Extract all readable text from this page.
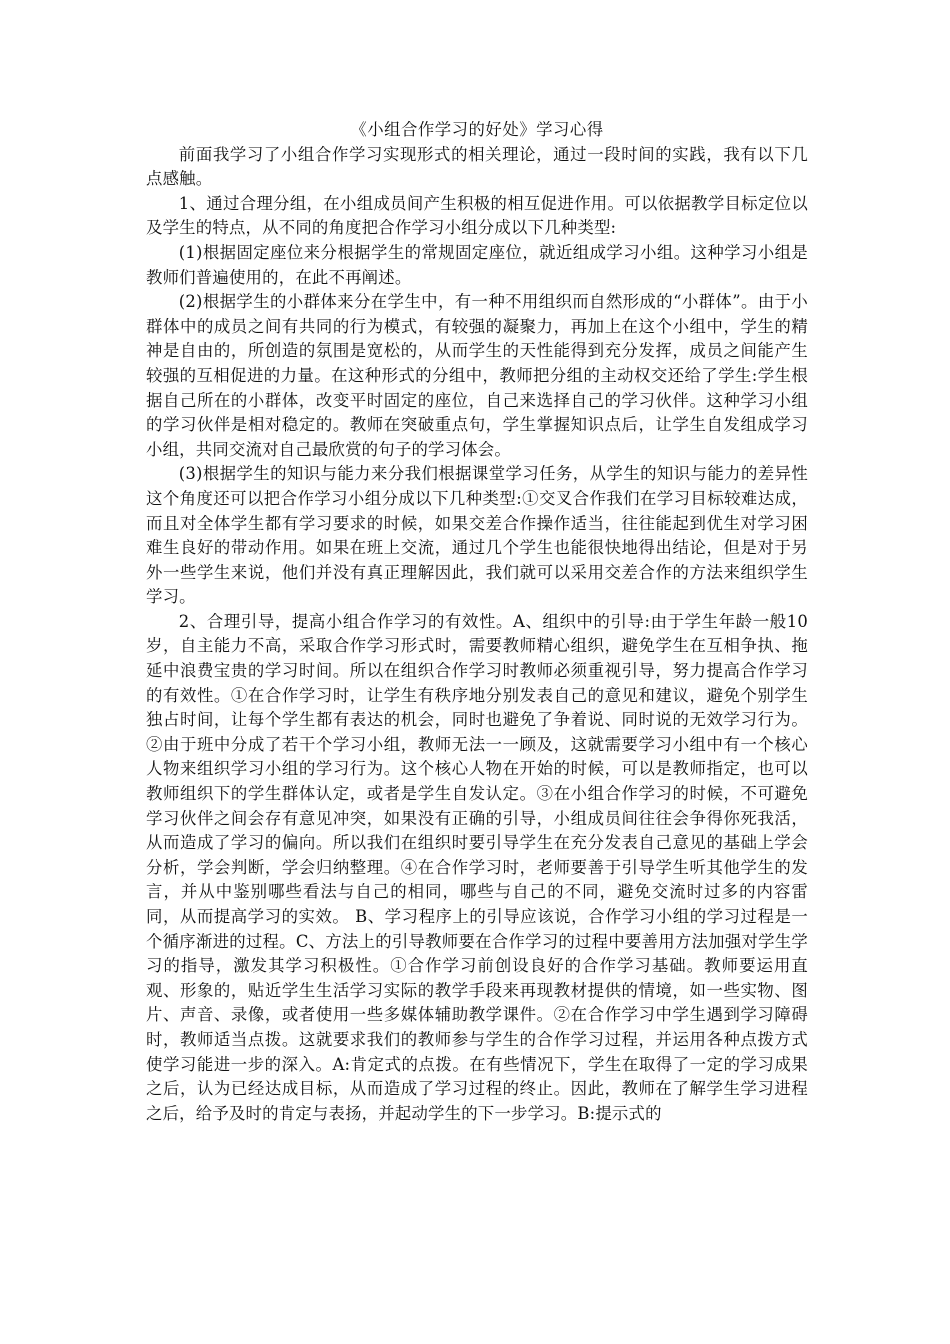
《小组合作学习的好处》学习心得

前面我学习了小组合作学习实现形式的相关理论，通过一段时间的实践，我有以下几点感触。

1、通过合理分组，在小组成员间产生积极的相互促进作用。可以依据教学目标定位以及学生的特点，从不同的角度把合作学习小组分成以下几种类型:

(1)根据固定座位来分根据学生的常规固定座位，就近组成学习小组。这种学习小组是教师们普遍使用的，在此不再阐述。

(2)根据学生的小群体来分在学生中，有一种不用组织而自然形成的“小群体”。由于小群体中的成员之间有共同的行为模式，有较强的凝聚力，再加上在这个小组中，学生的精神是自由的，所创造的氛围是宽松的，从而学生的天性能得到充分发挥，成员之间能产生较强的互相促进的力量。在这种形式的分组中，教师把分组的主动权交还给了学生:学生根据自己所在的小群体，改变平时固定的座位，自己来选择自己的学习伙伴。这种学习小组的学习伙伴是相对稳定的。教师在突破重点句，学生掌握知识点后，让学生自发组成学习小组，共同交流对自己最欣赏的句子的学习体会。

(3)根据学生的知识与能力来分我们根据课堂学习任务，从学生的知识与能力的差异性这个角度还可以把合作学习小组分成以下几种类型:①交叉合作我们在学习目标较难达成，而且对全体学生都有学习要求的时候，如果交差合作操作适当，往往能起到优生对学习困难生良好的带动作用。如果在班上交流，通过几个学生也能很快地得出结论，但是对于另外一些学生来说，他们并没有真正理解因此，我们就可以采用交差合作的方法来组织学生学习。

2、合理引导，提高小组合作学习的有效性。A、组织中的引导:由于学生年龄一般10岁，自主能力不高，采取合作学习形式时，需要教师精心组织，避免学生在互相争执、拖延中浪费宝贵的学习时间。所以在组织合作学习时教师必须重视引导，努力提高合作学习的有效性。①在合作学习时，让学生有秩序地分别发表自己的意见和建议，避免个别学生独占时间，让每个学生都有表达的机会，同时也避免了争着说、同时说的无效学习行为。 ②由于班中分成了若干个学习小组，教师无法一一顾及，这就需要学习小组中有一个核心人物来组织学习小组的学习行为。这个核心人物在开始的时候，可以是教师指定，也可以教师组织下的学生群体认定，或者是学生自发认定。③在小组合作学习的时候，不可避免学习伙伴之间会存有意见冲突，如果没有正确的引导，小组成员间往往会争得你死我活，从而造成了学习的偏向。所以我们在组织时要引导学生在充分发表自己意见的基础上学会分析，学会判断，学会归纳整理。④在合作学习时，老师要善于引导学生听其他学生的发言，并从中鉴别哪些看法与自己的相同，哪些与自己的不同，避免交流时过多的内容雷同，从而提高学习的实效。 B、学习程序上的引导应该说，合作学习小组的学习过程是一个循序渐进的过程。C、方法上的引导教师要在合作学习的过程中要善用方法加强对学生学习的指导，激发其学习积极性。①合作学习前创设良好的合作学习基础。教师要运用直观、形象的，贴近学生生活学习实际的教学手段来再现教材提供的情境，如一些实物、图片、声音、录像，或者使用一些多媒体辅助教学课件。②在合作学习中学生遇到学习障碍时，教师适当点拨。这就要求我们的教师参与学生的合作学习过程，并运用各种点拨方式使学习能进一步的深入。A:肯定式的点拨。在有些情况下，学生在取得了一定的学习成果之后，认为已经达成目标，从而造成了学习过程的终止。因此，教师在了解学生学习进程之后，给予及时的肯定与表扬，并起动学生的下一步学习。B:提示式的
